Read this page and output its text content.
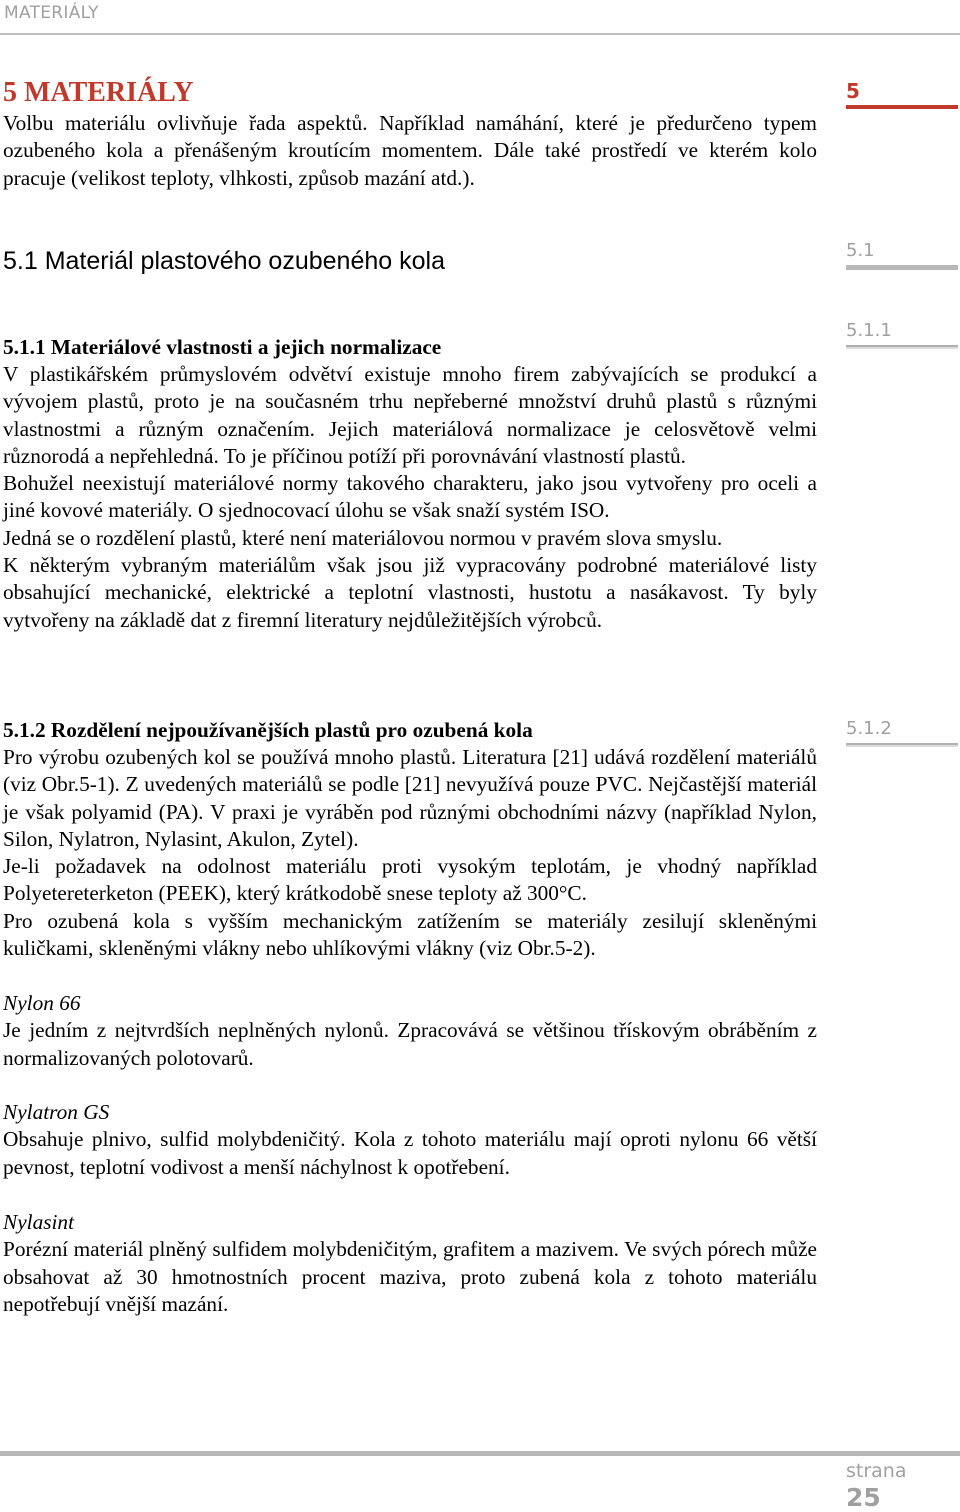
MATERIÁLY
5 MATERIÁLY

Volbu materiálu ovlivňuje řada aspektů. Například namáhání, které je předurčeno typem ozubeného kola a přenášeným kroutícím momentem. Dále také prostředí ve kterém kolo pracuje (velikost teploty, vlhkosti, způsob mazání atd.).

5.1 Materiál plastového ozubeného kola
5.1.1 Materiálové vlastnosti a jejich normalizace

V plastikářském průmyslovém odvětví existuje mnoho firem zabývajících se produkcí a vývojem plastů, proto je na současném trhu nepřeberné množství druhů plastů s různými vlastnostmi a různým označením. Jejich materiálová normalizace je celosvětově velmi různorodá a nepřehledná. To je příčinou potíží při porovnávání vlastností plastů.

Bohužel neexistují materiálové normy takového charakteru, jako jsou vytvořeny pro oceli a jiné kovové materiály. O sjednocovací úlohu se však snaží systém ISO.

Jedná se o rozdělení plastů, které není materiálovou normou v pravém slova smyslu.

K některým vybraným materiálům však jsou již vypracovány podrobné materiálové listy obsahující mechanické, elektrické a teplotní vlastnosti, hustotu a nasákavost. Ty byly vytvořeny na základě dat z firemní literatury nejdůležitějších výrobců.

5.1.2 Rozdělení nejpoužívanějších plastů pro ozubená kola

Pro výrobu ozubených kol se používá mnoho plastů. Literatura [21] udává rozdělení materiálů (viz Obr.5-1). Z uvedených materiálů se podle [21] nevyužívá pouze PVC. Nejčastější materiál je však polyamid (PA). V praxi je vyráběn pod různými obchodními názvy (například Nylon, Silon, Nylatron, Nylasint, Akulon, Zytel).

Je-li požadavek na odolnost materiálu proti vysokým teplotám, je vhodný například Polyetereterketon (PEEK), který krátkodobě snese teploty až 300°C.

Pro ozubená kola s vyšším mechanickým zatížením se materiály zesilují skleněnými kuličkami, skleněnými vlákny nebo uhlíkovými vlákny (viz Obr.5-2).

Nylon 66

Je jedním z nejtvrdších neplněných nylonů. Zpracovává se většinou třískovým obráběním z normalizovaných polotovarů.

Nylatron GS

Obsahuje plnivo, sulfid molybdeničitý. Kola z tohoto materiálu mají oproti nylonu 66 větší pevnost, teplotní vodivost a menší náchylnost k opotřebení.

Nylasint

Porézní materiál plněný sulfidem molybdeničitým, grafitem a mazivem. Ve svých pórech může obsahovat až 30 hmotnostních procent maziva, proto zubená kola z tohoto materiálu nepotřebují vnější mazání.

5
5.1
5.1.1
5.1.2
strana
25
